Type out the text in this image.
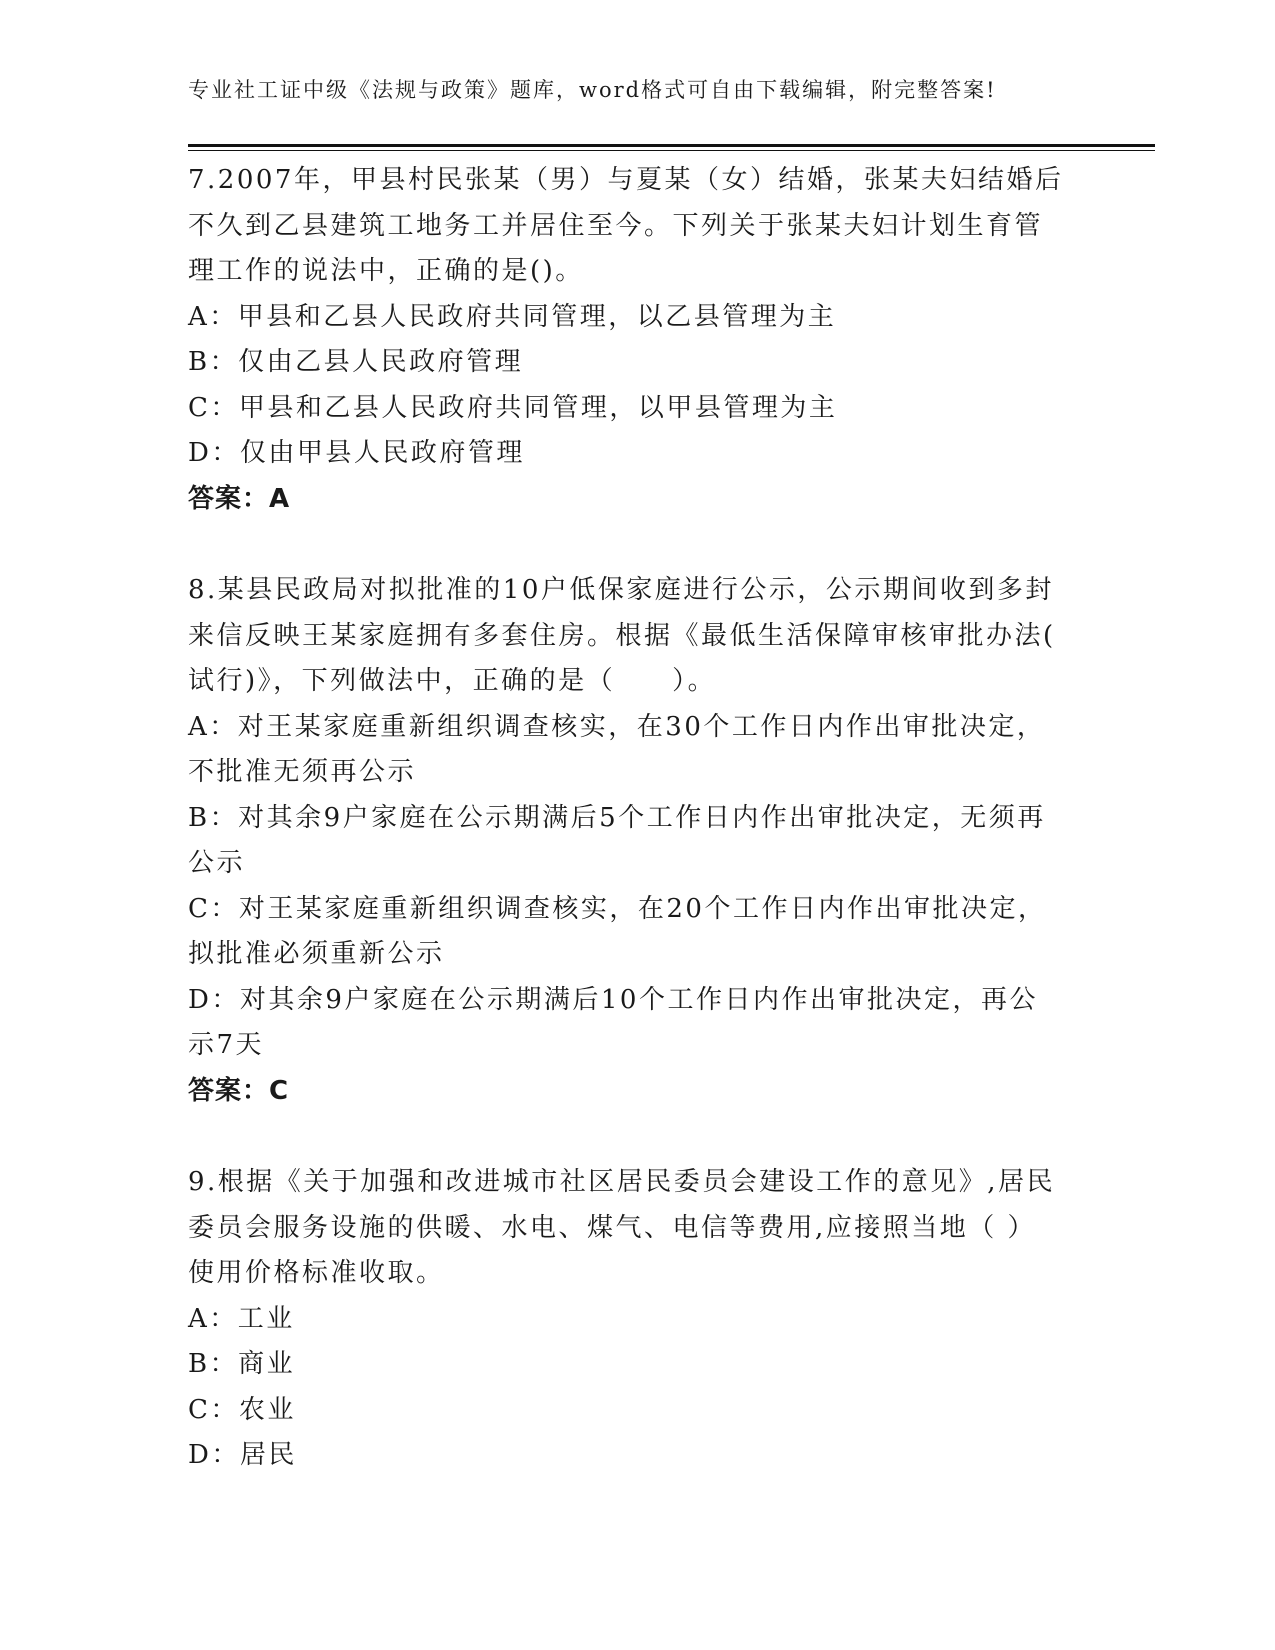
专业社工证中级《法规与政策》题库，word格式可自由下载编辑，附完整答案!
7.2007年，甲县村民张某（男）与夏某（女）结婚，张某夫妇结婚后
不久到乙县建筑工地务工并居住至今。下列关于张某夫妇计划生育管
理工作的说法中，正确的是()。
A：甲县和乙县人民政府共同管理，以乙县管理为主
B：仅由乙县人民政府管理
C：甲县和乙县人民政府共同管理，以甲县管理为主
D：仅由甲县人民政府管理
答案：A
8.某县民政局对拟批准的10户低保家庭进行公示，公示期间收到多封
来信反映王某家庭拥有多套住房。根据《最低生活保障审核审批办法(
试行)》，下列做法中，正确的是（　　）。
A：对王某家庭重新组织调查核实，在30个工作日内作出审批决定，
不批准无须再公示
B：对其余9户家庭在公示期满后5个工作日内作出审批决定，无须再
公示
C：对王某家庭重新组织调查核实，在20个工作日内作出审批决定，
拟批准必须重新公示
D：对其余9户家庭在公示期满后10个工作日内作出审批决定，再公
示7天
答案：C
9.根据《关于加强和改进城市社区居民委员会建设工作的意见》,居民
委员会服务设施的供暖、水电、煤气、电信等费用,应接照当地（ ）
使用价格标准收取。
A：工业
B：商业
C：农业
D：居民
